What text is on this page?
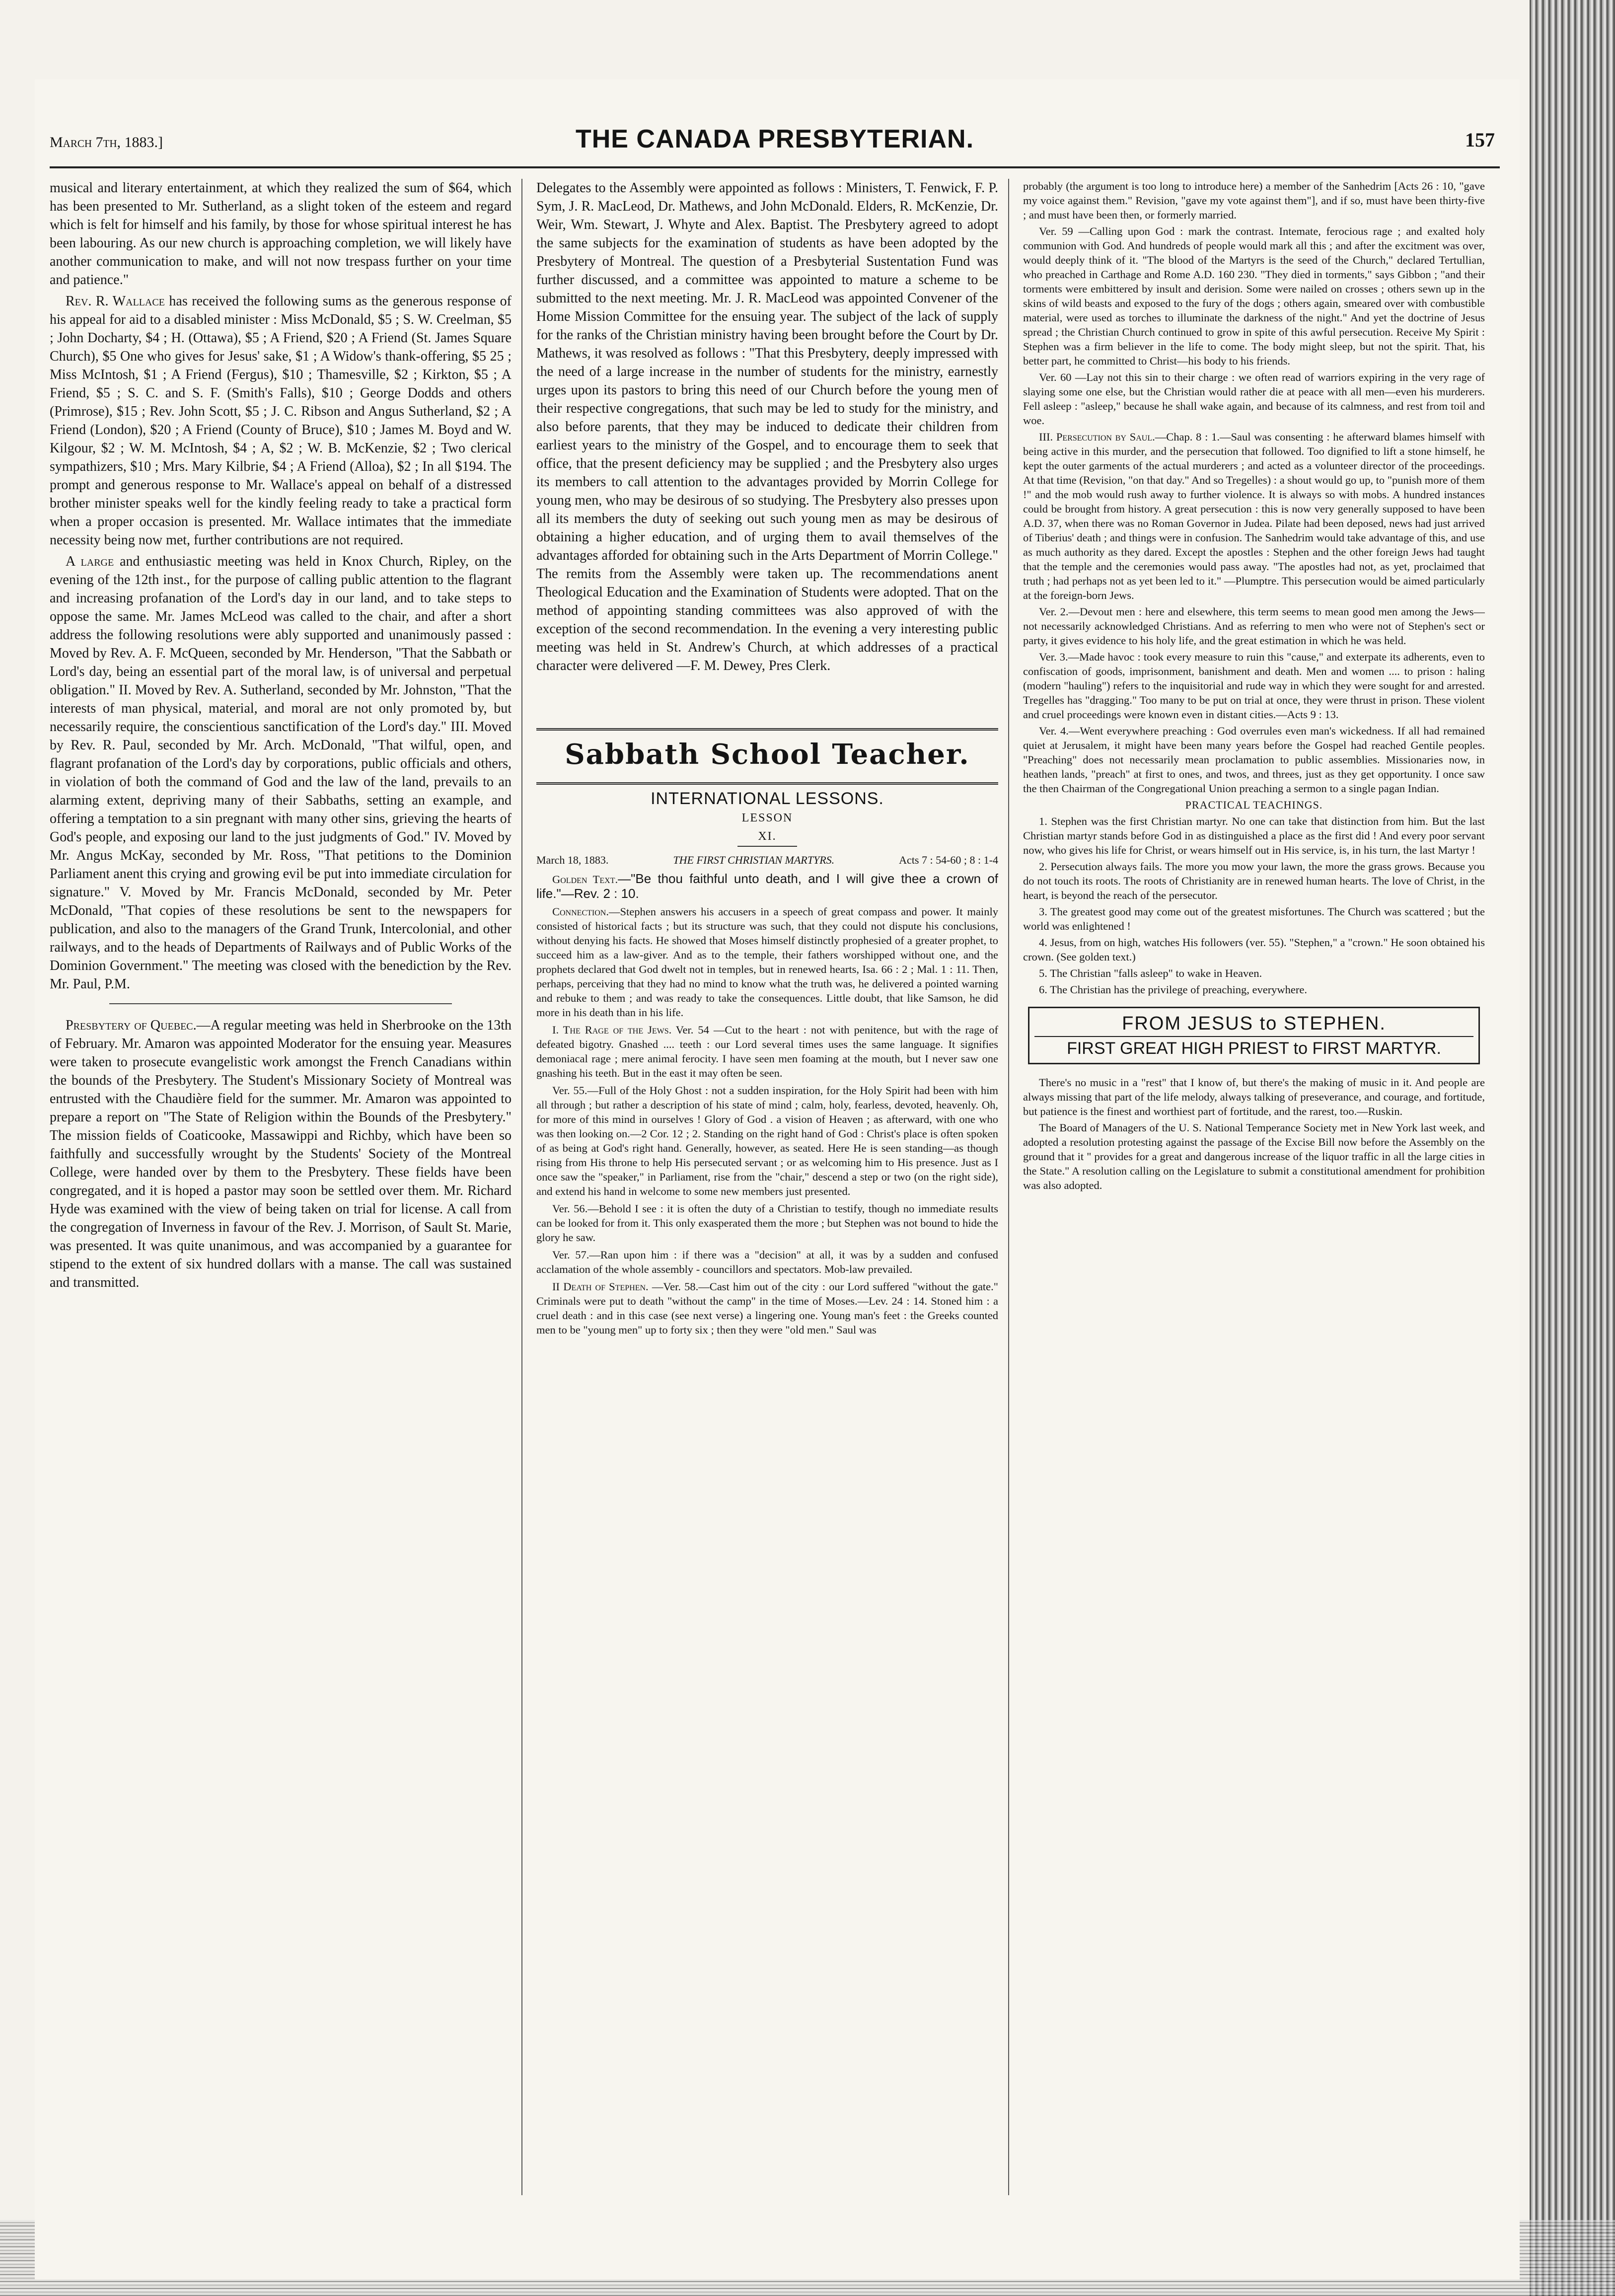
March 7th, 1883.]	THE CANADA PRESBYTERIAN.	157

musical and literary entertainment, at which they realized the sum of $64, which has been presented to Mr. Sutherland, as a slight token of the esteem and regard which is felt for himself and his family, by those for whose spiritual interest he has been labouring. As our new church is approaching completion, we will likely have another communication to make, and will not now trespass further on your time and patience."

Rev. R. Wallace has received the following sums as the generous response of his appeal for aid to a disabled minister : Miss McDonald, $5 ; S. W. Creelman, $5 ; John Docharty, $4 ; H. (Ottawa), $5 ; A Friend, $20 ; A Friend (St. James Square Church), $5 One who gives for Jesus' sake, $1 ; A Widow's thank-offering, $5 25 ; Miss McIntosh, $1 ; A Friend (Fergus), $10 ; Thamesville, $2 ; Kirkton, $5 ; A Friend, $5 ; S. C. and S. F. (Smith's Falls), $10 ; George Dodds and others (Primrose), $15 ; Rev. John Scott, $5 ; J. C. Ribson and Angus Sutherland, $2 ; A Friend (London), $20 ; A Friend (County of Bruce), $10 ; James M. Boyd and W. Kilgour, $2 ; W. M. McIntosh, $4 ; A, $2 ; W. B. McKenzie, $2 ; Two clerical sympathizers, $10 ; Mrs. Mary Kilbrie, $4 ; A Friend (Alloa), $2 ; In all $194. The prompt and generous response to Mr. Wallace's appeal on behalf of a distressed brother minister speaks well for the kindly feeling ready to take a practical form when a proper occasion is presented. Mr. Wallace intimates that the immediate necessity being now met, further contributions are not required.

A large and enthusiastic meeting was held in Knox Church, Ripley, on the evening of the 12th inst., for the purpose of calling public attention to the flagrant and increasing profanation of the Lord's day in our land, and to take steps to oppose the same. Mr. James McLeod was called to the chair, and after a short address the following resolutions were ably supported and unanimously passed : Moved by Rev. A. F. McQueen, seconded by Mr. Henderson, "That the Sabbath or Lord's day, being an essential part of the moral law, is of universal and perpetual obligation." II. Moved by Rev. A. Sutherland, seconded by Mr. Johnston, "That the interests of man physical, material, and moral are not only promoted by, but necessarily require, the conscientious sanctification of the Lord's day." III. Moved by Rev. R. Paul, seconded by Mr. Arch. McDonald, "That wilful, open, and flagrant profanation of the Lord's day by corporations, public officials and others, in violation of both the command of God and the law of the land, prevails to an alarming extent, depriving many of their Sabbaths, setting an example, and offering a temptation to a sin pregnant with many other sins, grieving the hearts of God's people, and exposing our land to the just judgments of God." IV. Moved by Mr. Angus McKay, seconded by Mr. Ross, "That petitions to the Dominion Parliament anent this crying and growing evil be put into immediate circulation for signature." V. Moved by Mr. Francis McDonald, seconded by Mr. Peter McDonald, "That copies of these resolutions be sent to the newspapers for publication, and also to the managers of the Grand Trunk, Intercolonial, and other railways, and to the heads of Departments of Railways and of Public Works of the Dominion Government." The meeting was closed with the benediction by the Rev. Mr. Paul, P.M.

Presbytery of Quebec.—A regular meeting was held in Sherbrooke on the 13th of February. Mr. Amaron was appointed Moderator for the ensuing year. Measures were taken to prosecute evangelistic work amongst the French Canadians within the bounds of the Presbytery. The Student's Missionary Society of Montreal was entrusted with the Chaudière field for the summer. Mr. Amaron was appointed to prepare a report on "The State of Religion within the Bounds of the Presbytery." The mission fields of Coaticooke, Massawippi and Richby, which have been so faithfully and successfully wrought by the Students' Society of the Montreal College, were handed over by them to the Presbytery. These fields have been congregated, and it is hoped a pastor may soon be settled over them. Mr. Richard Hyde was examined with the view of being taken on trial for license. A call from the congregation of Inverness in favour of the Rev. J. Morrison, of Sault St. Marie, was presented. It was quite unanimous, and was accompanied by a guarantee for stipend to the extent of six hundred dollars with a manse. The call was sustained and transmitted.

Delegates to the Assembly were appointed as follows : Ministers, T. Fenwick, F. P. Sym, J. R. MacLeod, Dr. Mathews, and John McDonald. Elders, R. McKenzie, Dr. Weir, Wm. Stewart, J. Whyte and Alex. Baptist. The Presbytery agreed to adopt the same subjects for the examination of students as have been adopted by the Presbytery of Montreal. The question of a Presbyterial Sustentation Fund was further discussed, and a committee was appointed to mature a scheme to be submitted to the next meeting. Mr. J. R. MacLeod was appointed Convener of the Home Mission Committee for the ensuing year. The subject of the lack of supply for the ranks of the Christian ministry having been brought before the Court by Dr. Mathews, it was resolved as follows : "That this Presbytery, deeply impressed with the need of a large increase in the number of students for the ministry, earnestly urges upon its pastors to bring this need of our Church before the young men of their respective congregations, that such may be led to study for the ministry, and also before parents, that they may be induced to dedicate their children from earliest years to the ministry of the Gospel, and to encourage them to seek that office, that the present deficiency may be supplied ; and the Presbytery also urges its members to call attention to the advantages provided by Morrin College for young men, who may be desirous of so studying. The Presbytery also presses upon all its members the duty of seeking out such young men as may be desirous of obtaining a higher education, and of urging them to avail themselves of the advantages afforded for obtaining such in the Arts Department of Morrin College." The remits from the Assembly were taken up. The recommendations anent Theological Education and the Examination of Students were adopted. That on the method of appointing standing committees was also approved of with the exception of the second recommendation. In the evening a very interesting public meeting was held in St. Andrew's Church, at which addresses of a practical character were delivered —F. M. Dewey, Pres Clerk.

Sabbath School Teacher.
INTERNATIONAL LESSONS.
LESSON XI.

March 18, 1883.	THE FIRST CHRISTIAN MARTYRS.	Acts 7 : 54-60 ; 8 : 1-4

Golden Text.—"Be thou faithful unto death, and I will give thee a crown of life."—Rev. 2 : 10.

Connection.—Stephen answers his accusers in a speech of great compass and power. It mainly consisted of historical facts ; but its structure was such, that they could not dispute his conclusions, without denying his facts. He showed that Moses himself distinctly prophesied of a greater prophet, to succeed him as a law-giver. And as to the temple, their fathers worshipped without one, and the prophets declared that God dwelt not in temples, but in renewed hearts, Isa. 66 : 2 ; Mal. 1 : 11. Then, perhaps, perceiving that they had no mind to know what the truth was, he delivered a pointed warning and rebuke to them ; and was ready to take the consequences. Little doubt, that like Samson, he did more in his death than in his life.

I. The Rage of the Jews. Ver. 54 —Cut to the heart : not with penitence, but with the rage of defeated bigotry. Gnashed .... teeth : our Lord several times uses the same language. It signifies demoniacal rage ; mere animal ferocity. I have seen men foaming at the mouth, but I never saw one gnashing his teeth. But in the east it may often be seen.

Ver. 55.—Full of the Holy Ghost : not a sudden inspiration, for the Holy Spirit had been with him all through ; but rather a description of his state of mind ; calm, holy, fearless, devoted, heavenly. Oh, for more of this mind in ourselves ! Glory of God . a vision of Heaven ; as afterward, with one who was then looking on.—2 Cor. 12 ; 2. Standing on the right hand of God : Christ's place is often spoken of as being at God's right hand. Generally, however, as seated. Here He is seen standing—as though rising from His throne to help His persecuted servant ; or as welcoming him to His presence. Just as I once saw the "speaker," in Parliament, rise from the "chair," descend a step or two (on the right side), and extend his hand in welcome to some new members just presented.

Ver. 56.—Behold I see : it is often the duty of a Christian to testify, though no immediate results can be looked for from it. This only exasperated them the more ; but Stephen was not bound to hide the glory he saw.

Ver. 57.—Ran upon him : if there was a "decision" at all, it was by a sudden and confused acclamation of the whole assembly - councillors and spectators. Mob-law prevailed.

II Death of Stephen. —Ver. 58.—Cast him out of the city : our Lord suffered "without the gate." Criminals were put to death "without the camp" in the time of Moses.—Lev. 24 : 14. Stoned him : a cruel death : and in this case (see next verse) a lingering one. Young man's feet : the Greeks counted men to be "young men" up to forty six ; then they were "old men." Saul was

probably (the argument is too long to introduce here) a member of the Sanhedrim [Acts 26 : 10, "gave my voice against them." Revision, "gave my vote against them"], and if so, must have been thirty-five ; and must have been then, or formerly married.

Ver. 59 —Calling upon God : mark the contrast. Intemate, ferocious rage ; and exalted holy communion with God. And hundreds of people would mark all this ; and after the excitment was over, would deeply think of it. "The blood of the Martyrs is the seed of the Church," declared Tertullian, who preached in Carthage and Rome A.D. 160 230. "They died in torments," says Gibbon ; "and their torments were embittered by insult and derision. Some were nailed on crosses ; others sewn up in the skins of wild beasts and exposed to the fury of the dogs ; others again, smeared over with combustible material, were used as torches to illuminate the darkness of the night." And yet the doctrine of Jesus spread ; the Christian Church continued to grow in spite of this awful persecution. Receive My Spirit : Stephen was a firm believer in the life to come. The body might sleep, but not the spirit. That, his better part, he committed to Christ—his body to his friends.

Ver. 60 —Lay not this sin to their charge : we often read of warriors expiring in the very rage of slaying some one else, but the Christian would rather die at peace with all men—even his murderers. Fell asleep : "asleep," because he shall wake again, and because of its calmness, and rest from toil and woe.

III. Persecution by Saul.—Chap. 8 : 1.—Saul was consenting : he afterward blames himself with being active in this murder, and the persecution that followed. Too dignified to lift a stone himself, he kept the outer garments of the actual murderers ; and acted as a volunteer director of the proceedings. At that time (Revision, "on that day." And so Tregelles) : a shout would go up, to "punish more of them !" and the mob would rush away to further violence. It is always so with mobs. A hundred instances could be brought from history. A great persecution : this is now very generally supposed to have been A.D. 37, when there was no Roman Governor in Judea. Pilate had been deposed, news had just arrived of Tiberius' death ; and things were in confusion. The Sanhedrim would take advantage of this, and use as much authority as they dared. Except the apostles : Stephen and the other foreign Jews had taught that the temple and the ceremonies would pass away. "The apostles had not, as yet, proclaimed that truth ; had perhaps not as yet been led to it." —Plumptre. This persecution would be aimed particularly at the foreign-born Jews.

Ver. 2.—Devout men : here and elsewhere, this term seems to mean good men among the Jews—not necessarily acknowledged Christians. And as referring to men who were not of Stephen's sect or party, it gives evidence to his holy life, and the great estimation in which he was held.

Ver. 3.—Made havoc : took every measure to ruin this "cause," and exterpate its adherents, even to confiscation of goods, imprisonment, banishment and death. Men and women .... to prison : haling (modern "hauling") refers to the inquisitorial and rude way in which they were sought for and arrested. Tregelles has "dragging." Too many to be put on trial at once, they were thrust in prison. These violent and cruel proceedings were known even in distant cities.—Acts 9 : 13.

Ver. 4.—Went everywhere preaching : God overrules even man's wickedness. If all had remained quiet at Jerusalem, it might have been many years before the Gospel had reached Gentile peoples. "Preaching" does not necessarily mean proclamation to public assemblies. Missionaries now, in heathen lands, "preach" at first to ones, and twos, and threes, just as they get opportunity. I once saw the then Chairman of the Congregational Union preaching a sermon to a single pagan Indian.

PRACTICAL TEACHINGS.

1. Stephen was the first Christian martyr. No one can take that distinction from him. But the last Christian martyr stands before God in as distinguished a place as the first did ! And every poor servant now, who gives his life for Christ, or wears himself out in His service, is, in his turn, the last Martyr !

2. Persecution always fails. The more you mow your lawn, the more the grass grows. Because you do not touch its roots. The roots of Christianity are in renewed human hearts. The love of Christ, in the heart, is beyond the reach of the persecutor.

3. The greatest good may come out of the greatest misfortunes. The Church was scattered ; but the world was enlightened !

4. Jesus, from on high, watches His followers (ver. 55). "Stephen," a "crown." He soon obtained his crown. (See golden text.)

5. The Christian "falls asleep" to wake in Heaven.

6. The Christian has the privilege of preaching, everywhere.

FROM JESUS to STEPHEN.
FIRST GREAT HIGH PRIEST to FIRST MARTYR.

There's no music in a "rest" that I know of, but there's the making of music in it. And people are always missing that part of the life melody, always talking of preseverance, and courage, and fortitude, but patience is the finest and worthiest part of fortitude, and the rarest, too.—Ruskin.

The Board of Managers of the U. S. National Temperance Society met in New York last week, and adopted a resolution protesting against the passage of the Excise Bill now before the Assembly on the ground that it " provides for a great and dangerous increase of the liquor traffic in all the large cities in the State." A resolution calling on the Legislature to submit a constitutional amendment for prohibition was also adopted.
